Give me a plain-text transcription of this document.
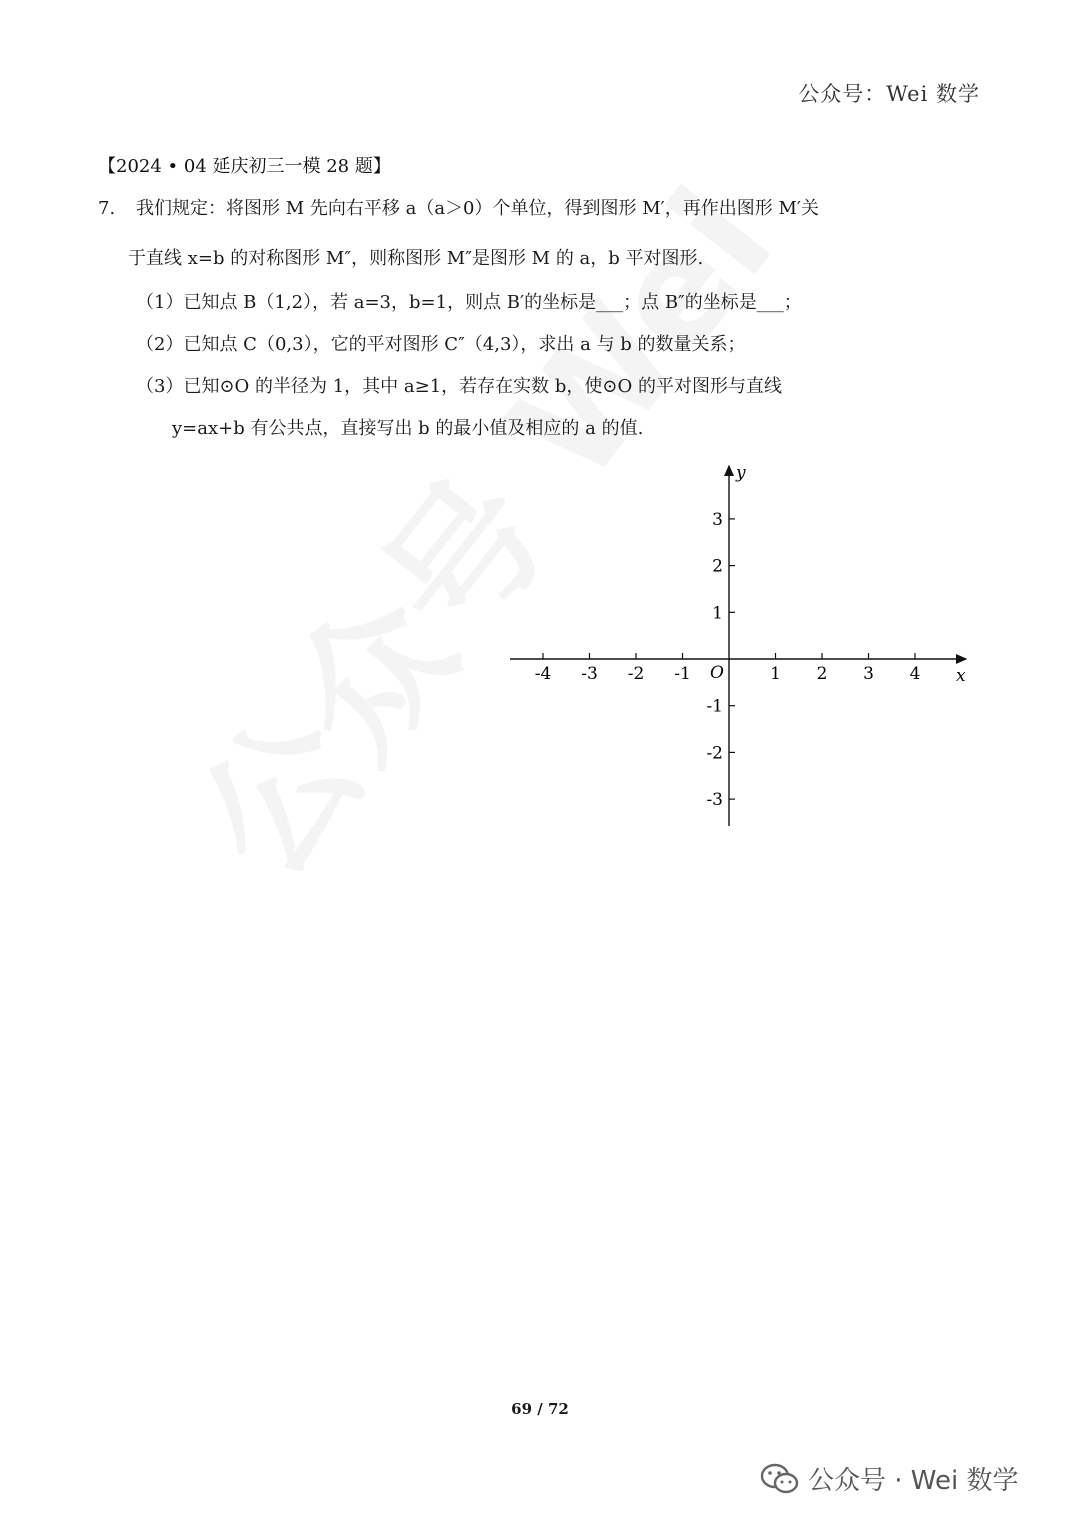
公众号：Wei 数学
【2024 • 04 延庆初三一模 28 题】
7. 我们规定：将图形 M 先向右平移 a（a＞0）个单位，得到图形 M′，再作出图形 M′关
于直线 x=b 的对称图形 M″，则称图形 M″是图形 M 的 a，b 平对图形.
（1）已知点 B（1,2），若 a=3，b=1，则点 B′的坐标是___；点 B″的坐标是___；
（2）已知点 C（0,3），它的平对图形 C″（4,3），求出 a 与 b 的数量关系；
（3）已知⊙O 的半径为 1，其中 a≥1，若存在实数 b，使⊙O 的平对图形与直线
y=ax+b 有公共点，直接写出 b 的最小值及相应的 a 的值.
-4 -3 -2 -1	1 2 3 4
3
2
1
-1
-2
-3
x
y
O
69 / 72
公众号 · Wei 数学
